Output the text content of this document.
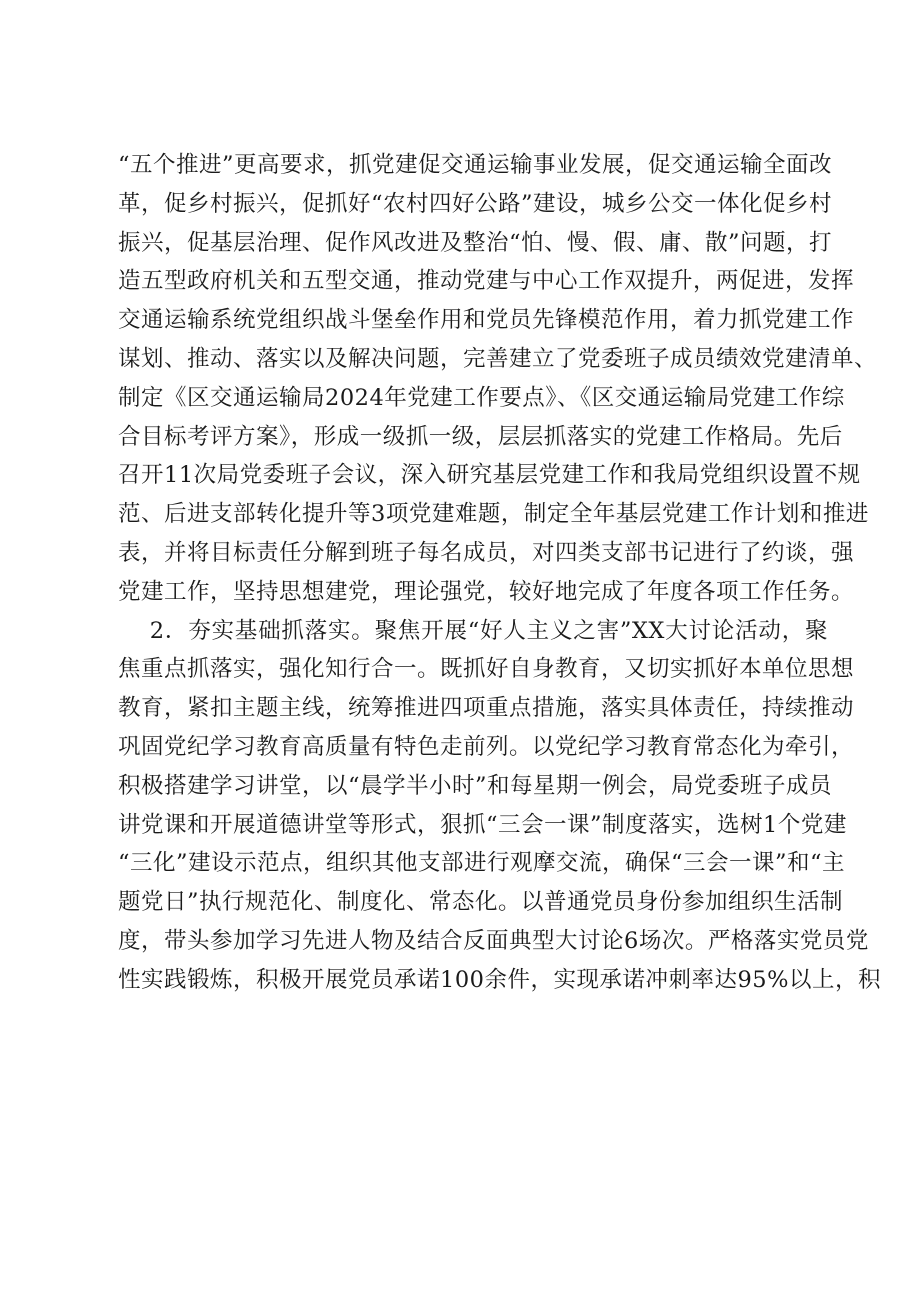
“五个推进”更高要求，抓党建促交通运输事业发展，促交通运输全面改
革，促乡村振兴，促抓好“农村四好公路”建设，城乡公交一体化促乡村
振兴，促基层治理、促作风改进及整治“怕、慢、假、庸、散”问题，打
造五型政府机关和五型交通，推动党建与中心工作双提升，两促进，发挥
交通运输系统党组织战斗堡垒作用和党员先锋模范作用，着力抓党建工作
谋划、推动、落实以及解决问题，完善建立了党委班子成员绩效党建清单、
制定《区交通运输局2024年党建工作要点》、《区交通运输局党建工作综
合目标考评方案》，形成一级抓一级，层层抓落实的党建工作格局。先后
召开11次局党委班子会议，深入研究基层党建工作和我局党组织设置不规
范、后进支部转化提升等3项党建难题，制定全年基层党建工作计划和推进
表，并将目标责任分解到班子每名成员，对四类支部书记进行了约谈，强
党建工作，坚持思想建党，理论强党，较好地完成了年度各项工作任务。
2．夯实基础抓落实。聚焦开展“好人主义之害”XX大讨论活动，聚
焦重点抓落实，强化知行合一。既抓好自身教育，又切实抓好本单位思想
教育，紧扣主题主线，统筹推进四项重点措施，落实具体责任，持续推动
巩固党纪学习教育高质量有特色走前列。以党纪学习教育常态化为牵引，
积极搭建学习讲堂，以“晨学半小时”和每星期一例会，局党委班子成员
讲党课和开展道德讲堂等形式，狠抓“三会一课”制度落实，选树1个党建
“三化”建设示范点，组织其他支部进行观摩交流，确保“三会一课”和“主
题党日”执行规范化、制度化、常态化。以普通党员身份参加组织生活制
度，带头参加学习先进人物及结合反面典型大讨论6场次。严格落实党员党
性实践锻炼，积极开展党员承诺100余件，实现承诺冲刺率达95%以上，积
